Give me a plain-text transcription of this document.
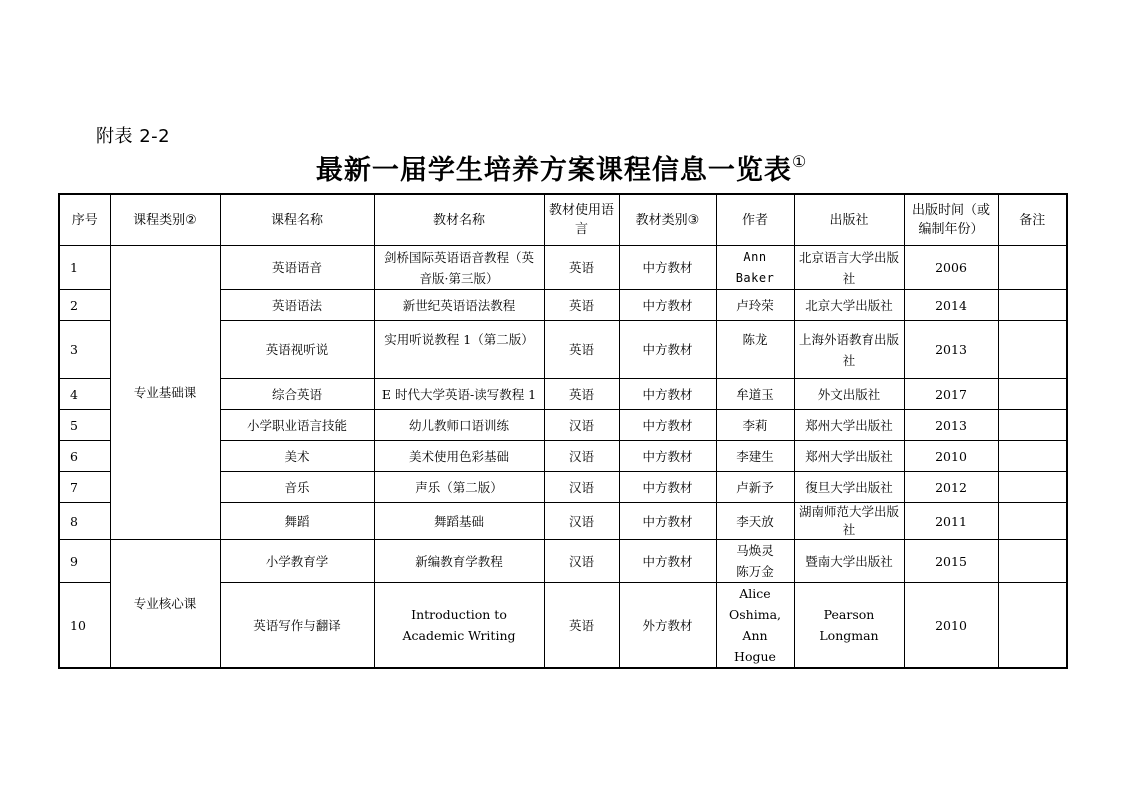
附表 2-2
最新一届学生培养方案课程信息一览表①
序号	课程类别②	课程名称	教材名称	教材使用语言	教材类别③	作者	出版社	出版时间（或编制年份）	备注
1	专业基础课	英语语音	剑桥国际英语语音教程（英音版·第三版）	英语	中方教材	Ann Baker	北京语言大学出版社	2006	
2		英语语法	新世纪英语语法教程	英语	中方教材	卢玲荣	北京大学出版社	2014	
3		英语视听说	实用听说教程 1（第二版）	英语	中方教材	陈龙	上海外语教育出版社	2013	
4		综合英语	E 时代大学英语-读写教程 1	英语	中方教材	牟道玉	外文出版社	2017	
5		小学职业语言技能	幼儿教师口语训练	汉语	中方教材	李莉	郑州大学出版社	2013	
6		美术	美术使用色彩基础	汉语	中方教材	李建生	郑州大学出版社	2010	
7		音乐	声乐（第二版）	汉语	中方教材	卢新予	復旦大学出版社	2012	
8		舞蹈	舞蹈基础	汉语	中方教材	李天放	湖南师范大学出版社	2011	
9	专业核心课	小学教育学	新编教育学教程	汉语	中方教材	马焕灵 陈万金	暨南大学出版社	2015	
10		英语写作与翻译	Introduction to Academic Writing	英语	外方教材	Alice Oshima, Ann Hogue	Pearson Longman	2010	
